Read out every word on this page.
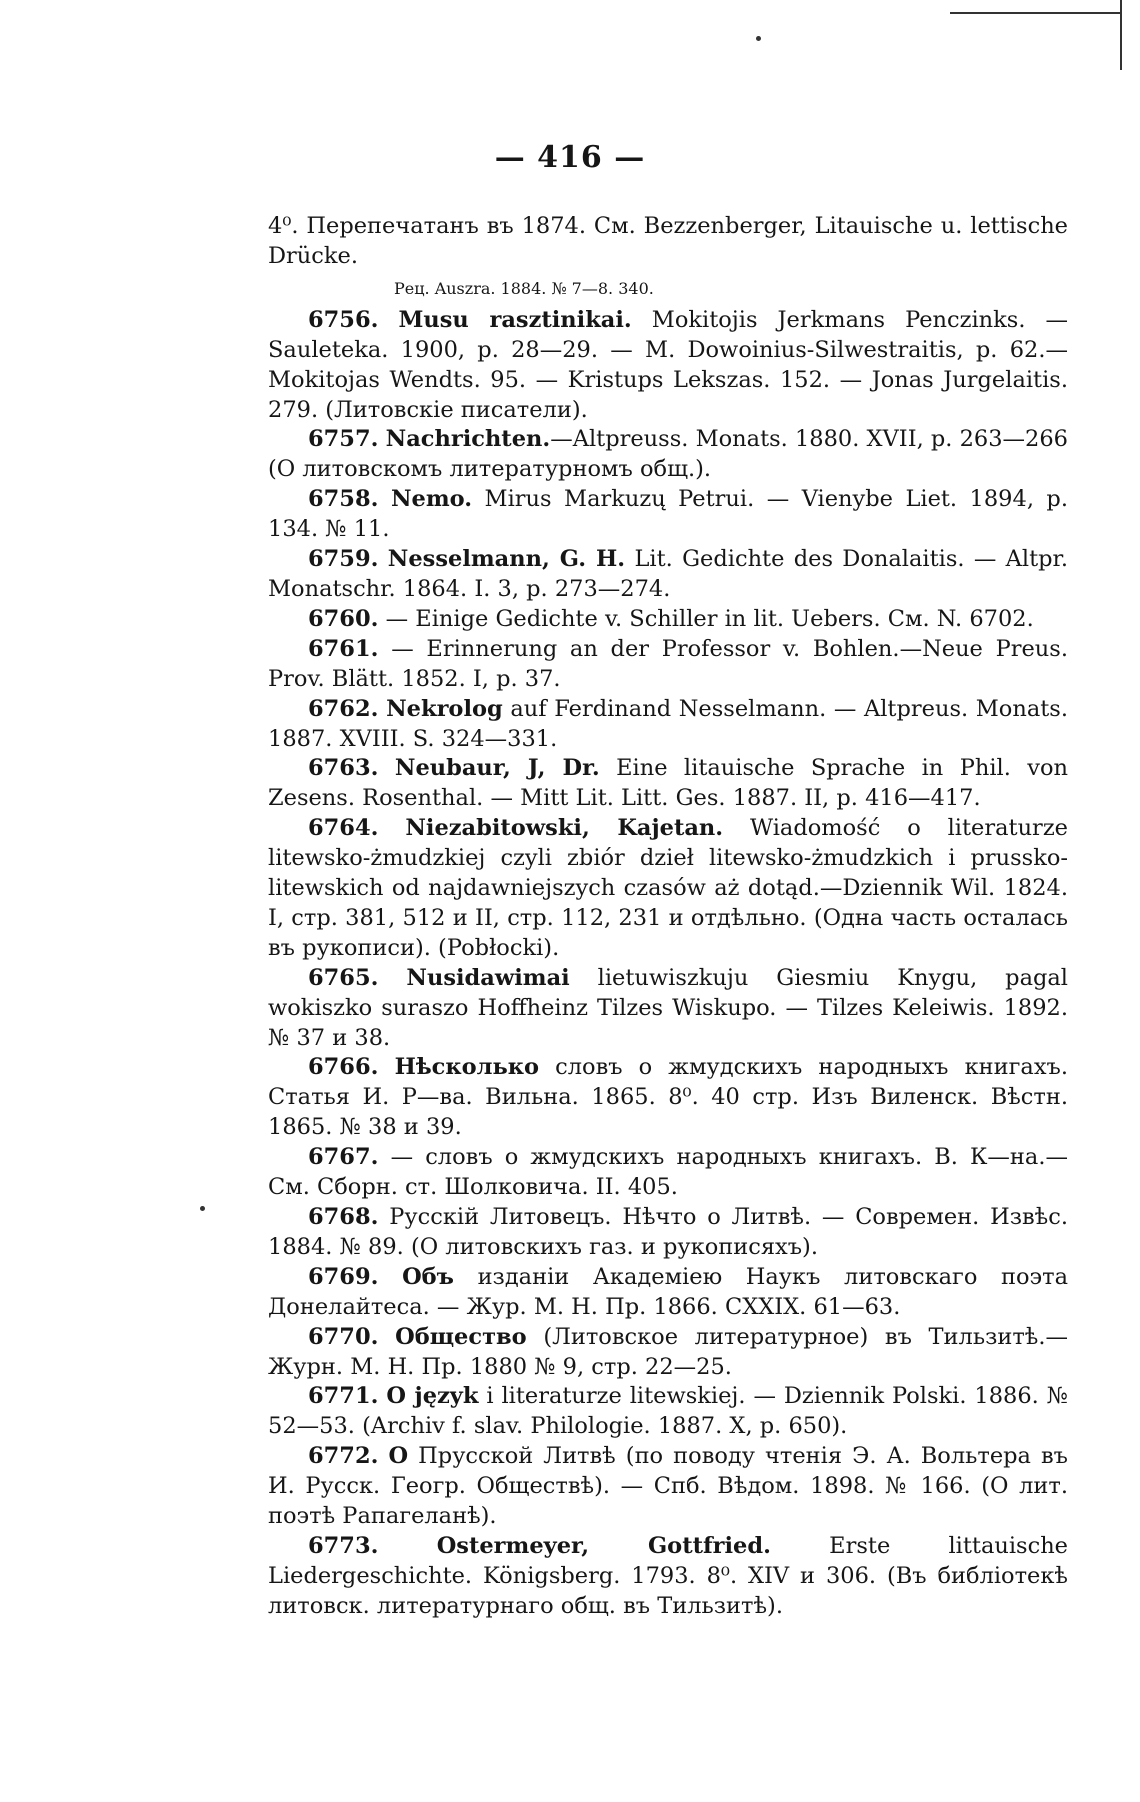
— 416 —

4⁰. Перепечатанъ въ 1874. См. Bezzenberger, Litauische u. lettische Drücke.

Рец. Auszra. 1884. № 7—8. 340.

6756. Musu rasztinikai. Mokitojis Jerkmans Penczinks. — Sauleteka. 1900, p. 28—29. — M. Dowoinius-Silwestraitis, p. 62.— Mokitojas Wendts. 95. — Kristups Lekszas. 152. — Jonas Jurgelaitis. 279. (Литовскіе писатели).

6757. Nachrichten.—Altpreuss. Monats. 1880. XVII, p. 263—266 (О литовскомъ литературномъ общ.).

6758. Nemo. Mirus Markuzų Petrui. — Vienybe Liet. 1894, p. 134. № 11.

6759. Nesselmann, G. H. Lit. Gedichte des Donalaitis. — Altpr. Monatschr. 1864. I. 3, p. 273—274.

6760. — Einige Gedichte v. Schiller in lit. Uebers. См. N. 6702.

6761. — Erinnerung an der Professor v. Bohlen.—Neue Preus. Prov. Blätt. 1852. I, p. 37.

6762. Nekrolog auf Ferdinand Nesselmann. — Altpreus. Monats. 1887. XVIII. S. 324—331.

6763. Neubaur, J, Dr. Eine litauische Sprache in Phil. von Zesens. Rosenthal. — Mitt Lit. Litt. Ges. 1887. II, p. 416—417.

6764. Niezabitowski, Kajetan. Wiadomość o literaturze litewsko-żmudzkiej czyli zbiór dzieł litewsko-żmudzkich i prussko-litewskich od najdawniejszych czasów aż dotąd.—Dziennik Wil. 1824. I, стр. 381, 512 и II, стр. 112, 231 и отдѣльно. (Одна часть осталась въ рукописи). (Pobłocki).

6765. Nusidawimai lietuwiszkuju Giesmiu Knygu, pagal wokiszko suraszo Hoffheinz Tilzes Wiskupo. — Tilzes Keleiwis. 1892. № 37 и 38.

6766. Нѣсколько словъ о жмудскихъ народныхъ книгахъ. Статья И. Р—ва. Вильна. 1865. 8⁰. 40 стр. Изъ Виленск. Вѣстн. 1865. № 38 и 39.

6767. — словъ о жмудскихъ народныхъ книгахъ. В. К—на.— См. Сборн. ст. Шолковича. II. 405.

6768. Русскій Литовецъ. Нѣчто о Литвѣ. — Современ. Извѣс. 1884. № 89. (О литовскихъ газ. и рукописяхъ).

6769. Объ изданіи Академіею Наукъ литовскаго поэта Донелайтеса. — Жур. М. Н. Пр. 1866. CXXIX. 61—63.

6770. Общество (Литовское литературное) въ Тильзитѣ.— Журн. М. Н. Пр. 1880 № 9, стр. 22—25.

6771. O język i literaturze litewskiej. — Dziennik Polski. 1886. № 52—53. (Archiv f. slav. Philologie. 1887. X, p. 650).

6772. О Прусской Литвѣ (по поводу чтенія Э. А. Вольтера въ И. Русск. Геогр. Обществѣ). — Спб. Вѣдом. 1898. № 166. (О лит. поэтѣ Рапагеланѣ).

6773.	Ostermeyer, Gottfried.	Erste littauische Liedergeschichte. Königsberg. 1793. 8⁰. XIV и 306. (Въ библіотекѣ литовск. литературнаго общ. въ Тильзитѣ).
